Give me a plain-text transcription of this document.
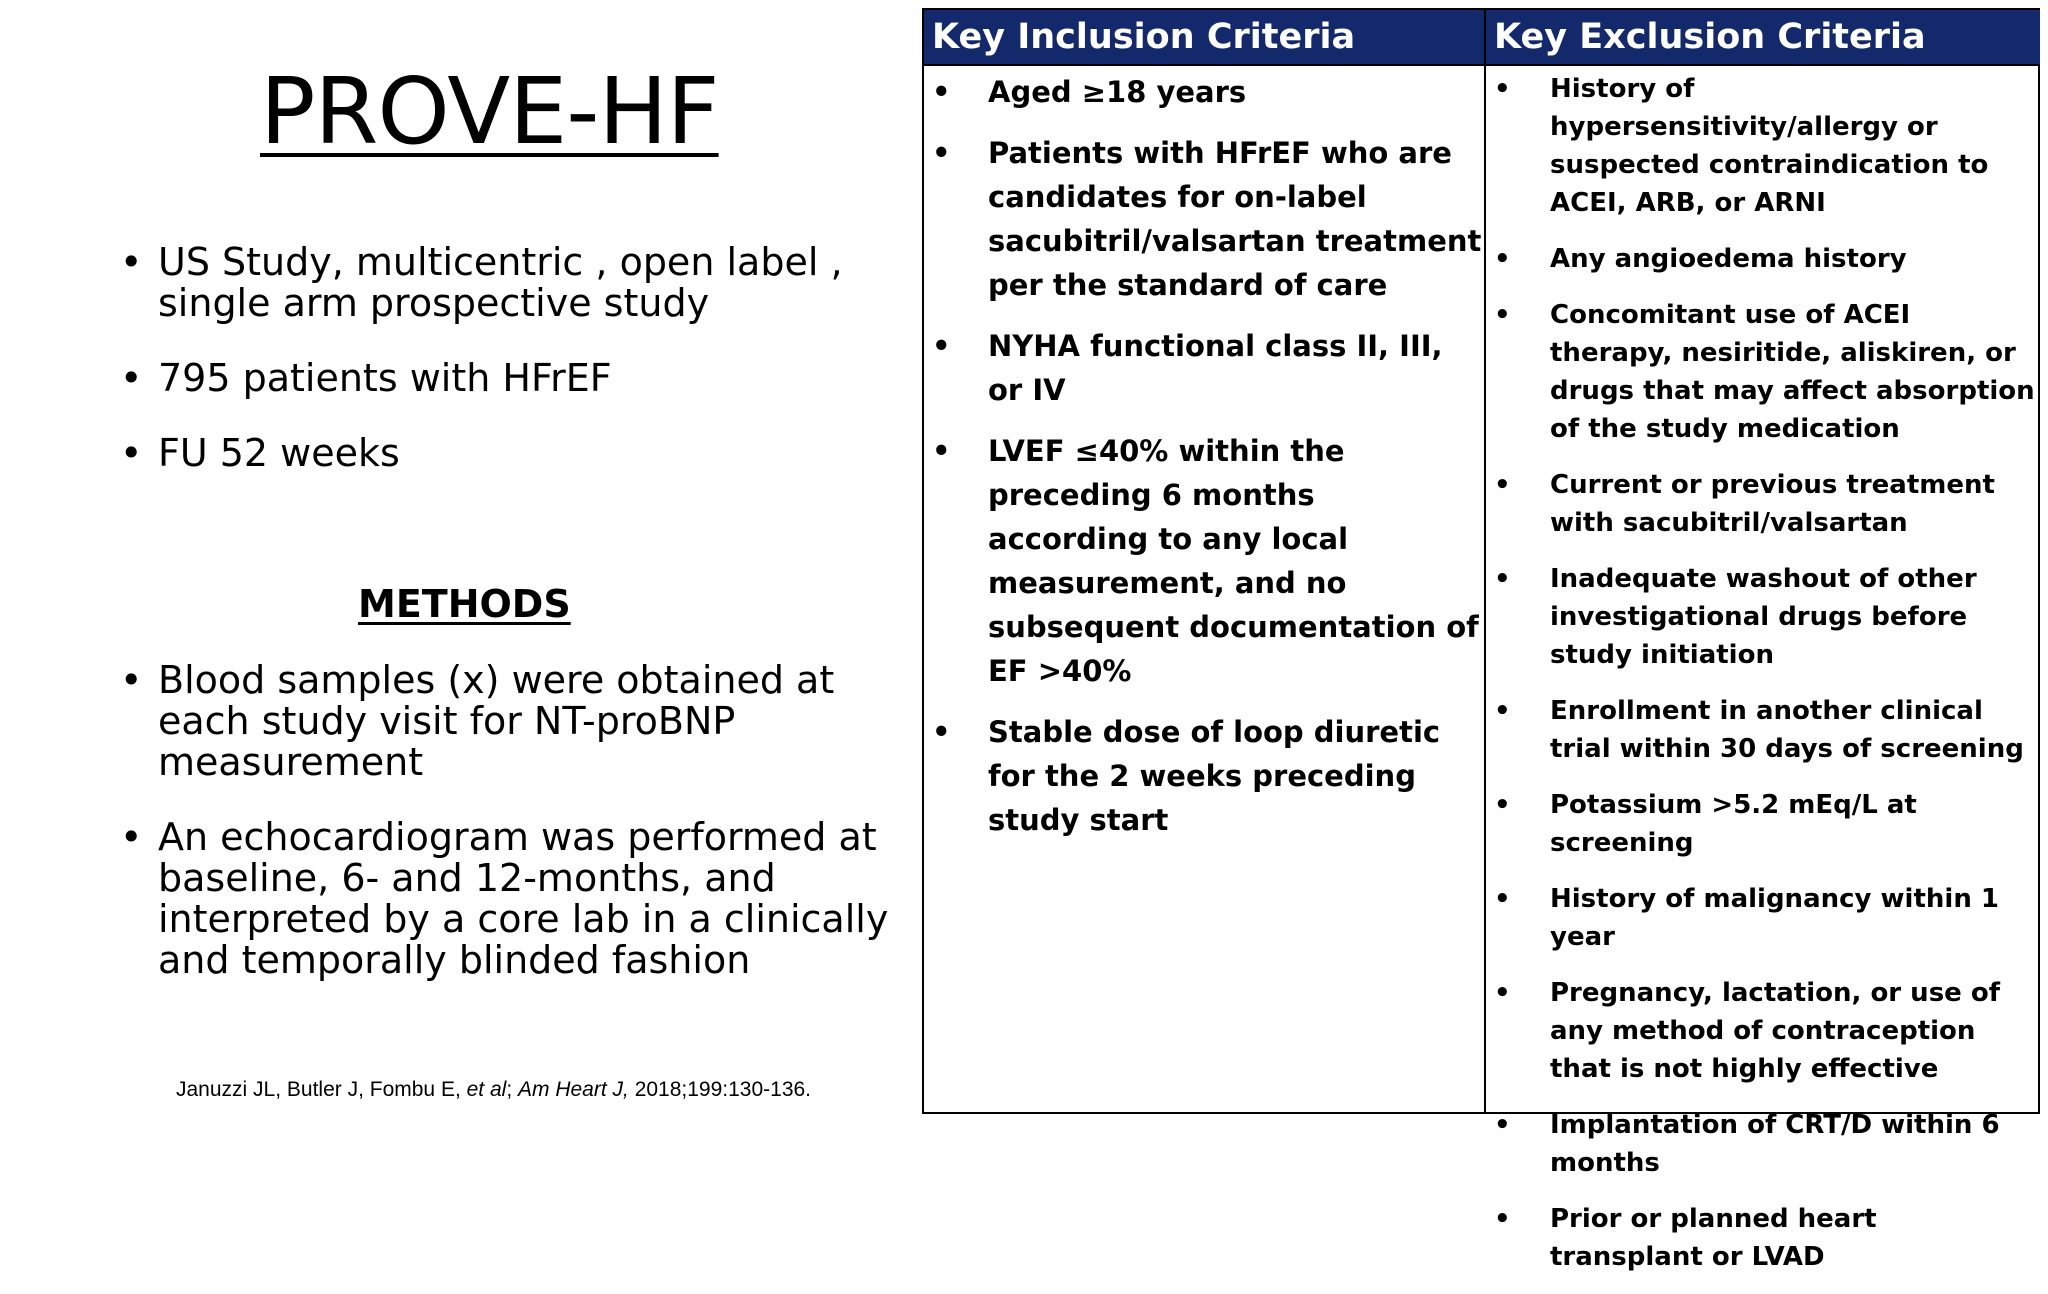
PROVE-HF
• US Study, multicentric , open label , single arm prospective study
• 795 patients with HFrEF
• FU 52 weeks
METHODS
• Blood samples (x) were obtained at each study visit for NT-proBNP measurement
• An echocardiogram was performed at baseline, 6- and 12-months, and interpreted by a core lab in a clinically and temporally blinded fashion
Januzzi JL, Butler J, Fombu E, et al; Am Heart J, 2018;199:130-136.
Key Inclusion Criteria	Key Exclusion Criteria
• Aged ≥18 years
• Patients with HFrEF who are candidates for on-label sacubitril/valsartan treatment per the standard of care
• NYHA functional class II, III, or IV
• LVEF ≤40% within the preceding 6 months according to any local measurement, and no subsequent documentation of EF >40%
• Stable dose of loop diuretic for the 2 weeks preceding study start
• History of hypersensitivity/allergy or suspected contraindication to ACEI, ARB, or ARNI
• Any angioedema history
• Concomitant use of ACEI therapy, nesiritide, aliskiren, or drugs that may affect absorption of the study medication
• Current or previous treatment with sacubitril/valsartan
• Inadequate washout of other investigational drugs before study initiation
• Enrollment in another clinical trial within 30 days of screening
• Potassium >5.2 mEq/L at screening
• History of malignancy within 1 year
• Pregnancy, lactation, or use of any method of contraception that is not highly effective
• Implantation of CRT/D within 6 months
• Prior or planned heart transplant or LVAD
